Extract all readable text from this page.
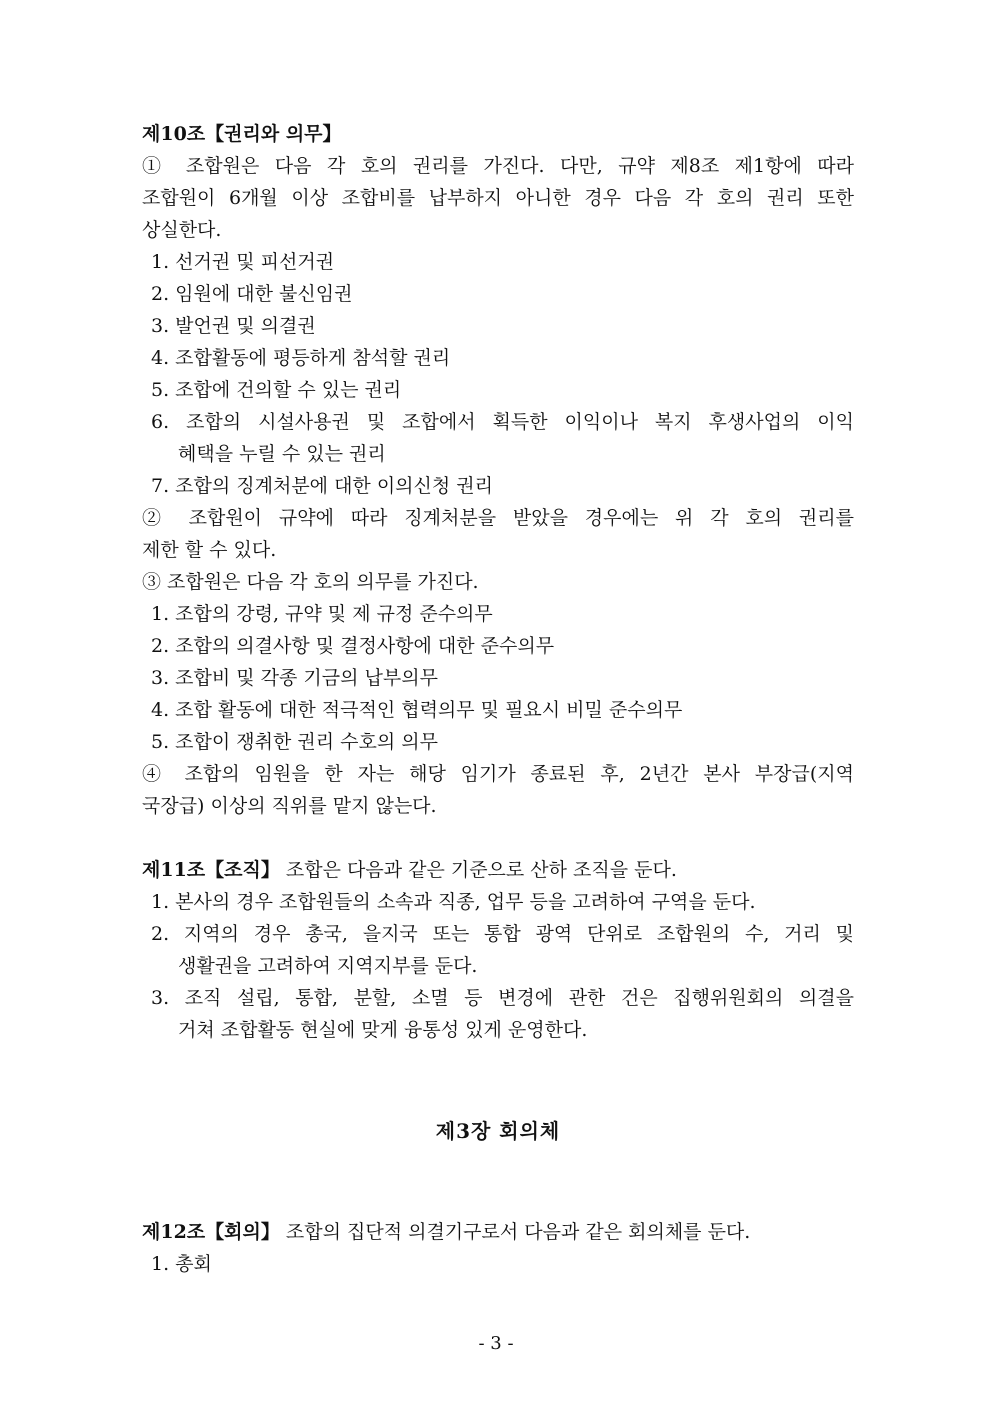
제10조【권리와 의무】
① 조합원은 다음 각 호의 권리를 가진다. 다만, 규약 제8조 제1항에 따라
조합원이 6개월 이상 조합비를 납부하지 아니한 경우 다음 각 호의 권리 또한
상실한다.
1. 선거권 및 피선거권
2. 임원에 대한 불신임권
3. 발언권 및 의결권
4. 조합활동에 평등하게 참석할 권리
5. 조합에 건의할 수 있는 권리
6. 조합의 시설사용권 및 조합에서 획득한 이익이나 복지 후생사업의 이익
혜택을 누릴 수 있는 권리
7. 조합의 징계처분에 대한 이의신청 권리
② 조합원이 규약에 따라 징계처분을 받았을 경우에는 위 각 호의 권리를
제한 할 수 있다.
③ 조합원은 다음 각 호의 의무를 가진다.
1. 조합의 강령, 규약 및 제 규정 준수의무
2. 조합의 의결사항 및 결정사항에 대한 준수의무
3. 조합비 및 각종 기금의 납부의무
4. 조합 활동에 대한 적극적인 협력의무 및 필요시 비밀 준수의무
5. 조합이 쟁취한 권리 수호의 의무
④ 조합의 임원을 한 자는 해당 임기가 종료된 후, 2년간 본사 부장급(지역
국장급) 이상의 직위를 맡지 않는다.
제11조【조직】 조합은 다음과 같은 기준으로 산하 조직을 둔다.
1. 본사의 경우 조합원들의 소속과 직종, 업무 등을 고려하여 구역을 둔다.
2. 지역의 경우 총국, 을지국 또는 통합 광역 단위로 조합원의 수, 거리 및
생활권을 고려하여 지역지부를 둔다.
3. 조직 설립, 통합, 분할, 소멸 등 변경에 관한 건은 집행위원회의 의결을
거쳐 조합활동 현실에 맞게 융통성 있게 운영한다.
제3장 회의체
제12조【회의】 조합의 집단적 의결기구로서 다음과 같은 회의체를 둔다.
1. 총회
- 3 -
